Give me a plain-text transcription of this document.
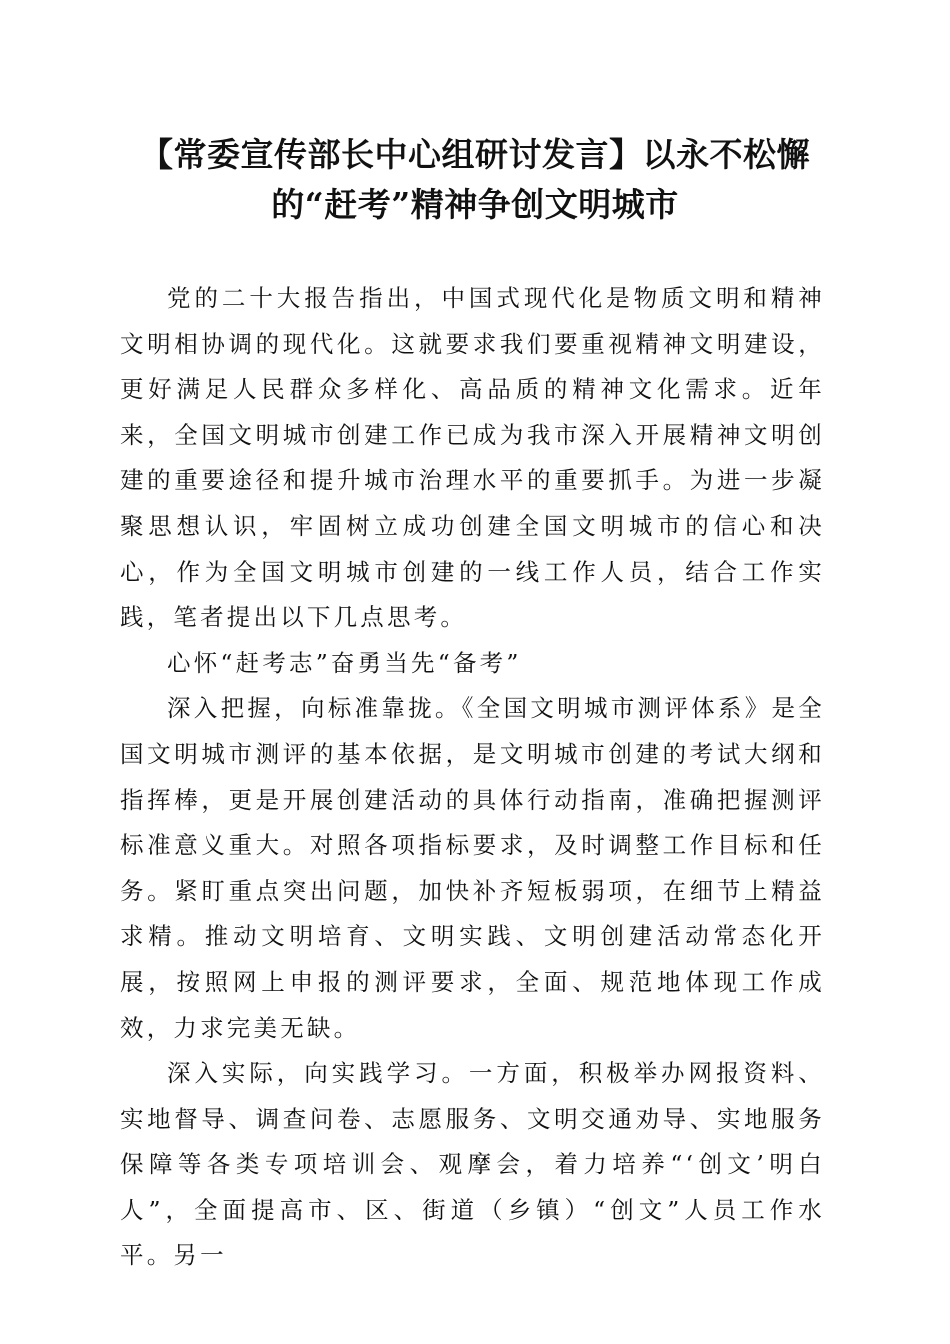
【常委宣传部长中心组研讨发言】以永不松懈
的“赶考”精神争创文明城市

党的二十大报告指出，中国式现代化是物质文明和精神文明相协调的现代化。这就要求我们要重视精神文明建设，更好满足人民群众多样化、高品质的精神文化需求。近年来，全国文明城市创建工作已成为我市深入开展精神文明创建的重要途径和提升城市治理水平的重要抓手。为进一步凝聚思想认识，牢固树立成功创建全国文明城市的信心和决心，作为全国文明城市创建的一线工作人员，结合工作实践，笔者提出以下几点思考。

心怀“赶考志”奋勇当先“备考”

深入把握，向标准靠拢。《全国文明城市测评体系》是全国文明城市测评的基本依据，是文明城市创建的考试大纲和指挥棒，更是开展创建活动的具体行动指南，准确把握测评标准意义重大。对照各项指标要求，及时调整工作目标和任务。紧盯重点突出问题，加快补齐短板弱项，在细节上精益求精。推动文明培育、文明实践、文明创建活动常态化开展，按照网上申报的测评要求，全面、规范地体现工作成效，力求完美无缺。

深入实际，向实践学习。一方面，积极举办网报资料、实地督导、调查问卷、志愿服务、文明交通劝导、实地服务保障等各类专项培训会、观摩会，着力培养“‘创文’明白人”，全面提高市、区、街道（乡镇）“创文”人员工作水平。另一
